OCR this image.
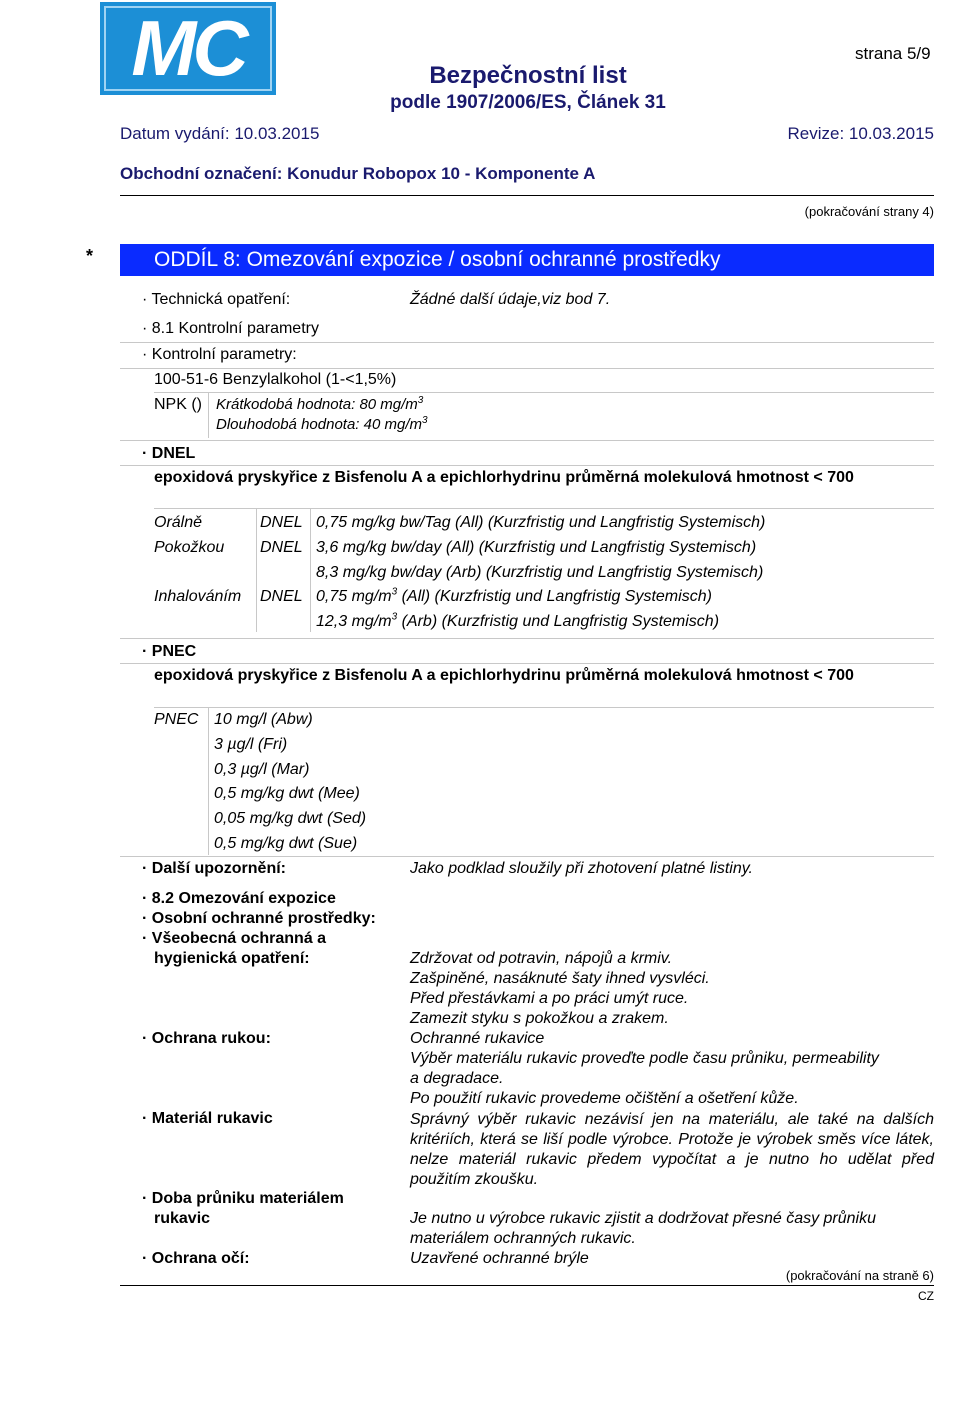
MC	strana 5/9
Bezpečnostní list
podle 1907/2006/ES, Článek 31
Datum vydání: 10.03.2015	Revize: 10.03.2015
Obchodní označení: Konudur Robopox 10 - Komponente A
(pokračování strany 4)
*	ODDÍL 8: Omezování expozice / osobní ochranné prostředky
· Technická opatření:	Žádné další údaje,viz bod 7.
· 8.1 Kontrolní parametry
· Kontrolní parametry:
100-51-6 Benzylalkohol (1-<1,5%)
NPK () Krátkodobá hodnota: 80 $mg/m^3$
Dlouhodobá hodnota: 40 $mg/m^3$
· DNEL
epoxidová pryskyřice z Bisfenolu A a epichlorhydrinu průměrná molekulová hmotnost < 700
Orálně	DNEL 0,75 mg/kg bw/Tag (All) (Kurzfristig und Langfristig Systemisch)
Pokožkou DNEL 3,6 mg/kg bw/day (All) (Kurzfristig und Langfristig Systemisch)
8,3 mg/kg bw/day (Arb) (Kurzfristig und Langfristig Systemisch)
Inhalováním DNEL 0,75 $mg/m^3$ (All) (Kurzfristig und Langfristig Systemisch)
12,3 $mg/m^3$ (Arb) (Kurzfristig und Langfristig Systemisch)
· PNEC
epoxidová pryskyřice z Bisfenolu A a epichlorhydrinu průměrná molekulová hmotnost < 700
PNEC 10 mg/l (Abw)
3 µg/l (Fri)
0,3 µg/l (Mar)
0,5 mg/kg dwt (Mee)
0,05 mg/kg dwt (Sed)
0,5 mg/kg dwt (Sue)
· Další upozornění:	Jako podklad sloužily při zhotovení platné listiny.
· 8.2 Omezování expozice
· Osobní ochranné prostředky:
· Všeobecná ochranná a
hygienická opatření:	Zdržovat od potravin, nápojů a krmiv.
Zašpiněné, nasáknuté šaty ihned vysvléci.
Před přestávkami a po práci umýt ruce.
Zamezit styku s pokožkou a zrakem.
· Ochrana rukou:	Ochranné rukavice
Výběr materiálu rukavic proveďte podle času průniku, permeability
a degradace.
Po použití rukavic provedeme očištění a ošetření kůže.
· Materiál rukavic	Správný výběr rukavic nezávisí jen na materiálu, ale také na dalších kritériích, která se liší podle výrobce. Protože je výrobek směs více látek, nelze materiál rukavic předem vypočítat a je nutno ho udělat před použitím zkoušku.
· Doba průniku materiálem
rukavic	Je nutno u výrobce rukavic zjistit a dodržovat přesné časy průniku
materiálem ochranných rukavic.
· Ochrana očí:	Uzavřené ochranné brýle
(pokračování na straně 6)
CZ
